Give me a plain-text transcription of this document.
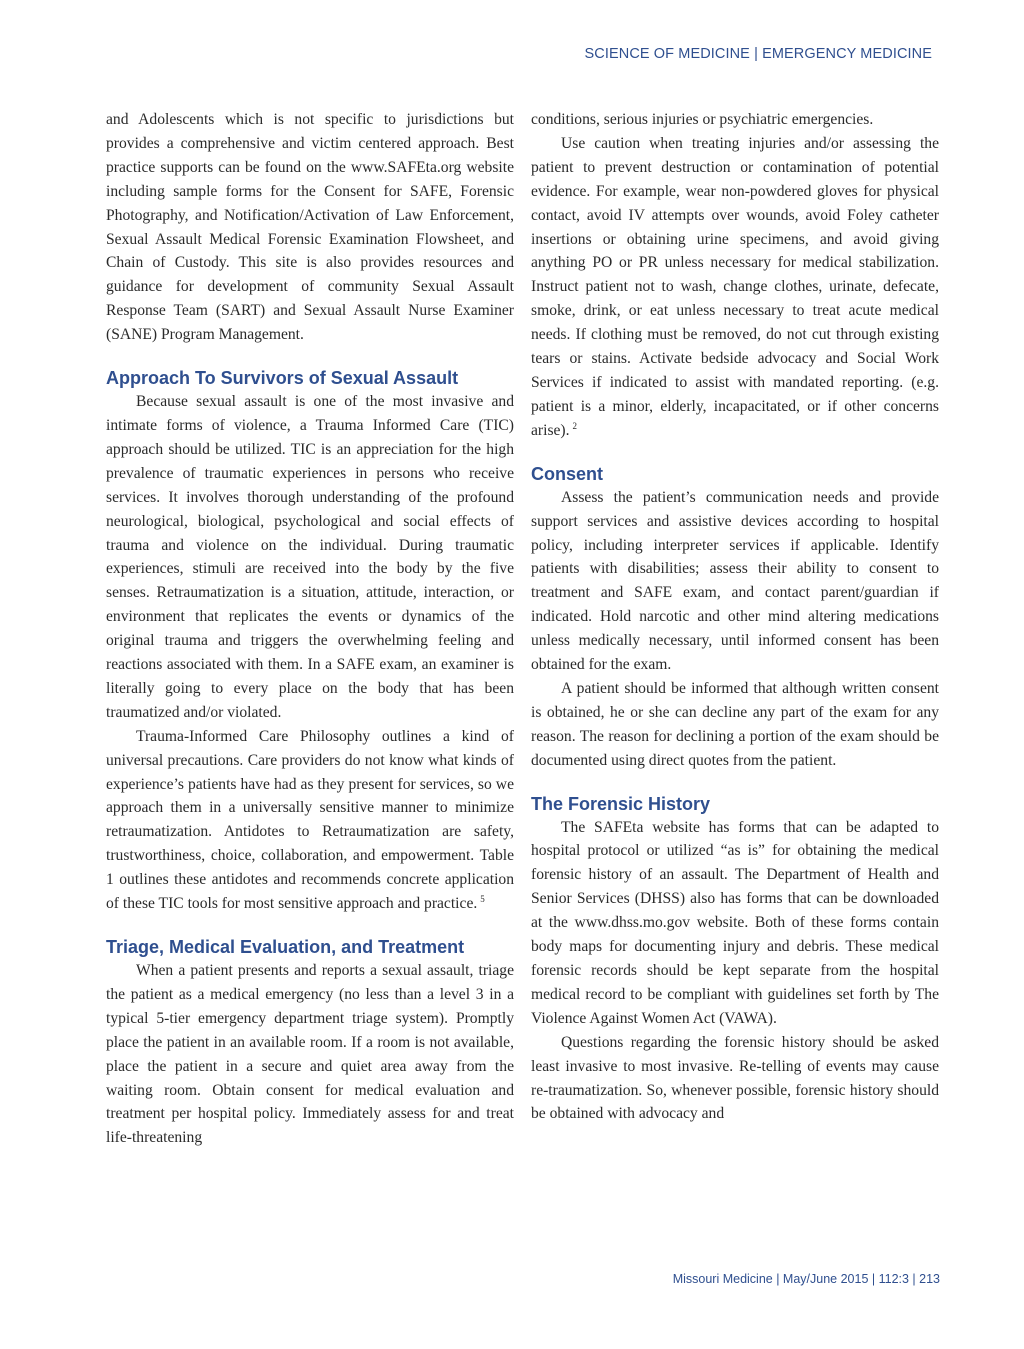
SCIENCE OF MEDICINE | EMERGENCY MEDICINE

and Adolescents which is not specific to jurisdictions but provides a comprehensive and victim centered approach. Best practice supports can be found on the www.SAFEta.org website including sample forms for the Consent for SAFE, Forensic Photography, and Notification/Activation of Law Enforcement, Sexual Assault Medical Forensic Examination Flowsheet, and Chain of Custody. This site is also provides resources and guidance for development of community Sexual Assault Response Team (SART) and Sexual Assault Nurse Examiner (SANE) Program Management.

Approach To Survivors of Sexual Assault

Because sexual assault is one of the most invasive and intimate forms of violence, a Trauma Informed Care (TIC) approach should be utilized. TIC is an appreciation for the high prevalence of traumatic experiences in persons who receive services. It involves thorough understanding of the profound neurological, biological, psychological and social effects of trauma and violence on the individual. During traumatic experiences, stimuli are received into the body by the five senses. Retraumatization is a situation, attitude, interaction, or environment that replicates the events or dynamics of the original trauma and triggers the overwhelming feeling and reactions associated with them. In a SAFE exam, an examiner is literally going to every place on the body that has been traumatized and/or violated.

Trauma-Informed Care Philosophy outlines a kind of universal precautions. Care providers do not know what kinds of experience’s patients have had as they present for services, so we approach them in a universally sensitive manner to minimize retraumatization. Antidotes to Retraumatization are safety, trustworthiness, choice, collaboration, and empowerment. Table 1 outlines these antidotes and recommends concrete application of these TIC tools for most sensitive approach and practice. $^5$

Triage, Medical Evaluation, and Treatment

When a patient presents and reports a sexual assault, triage the patient as a medical emergency (no less than a level 3 in a typical 5-tier emergency department triage system). Promptly place the patient in an available room. If a room is not available, place the patient in a secure and quiet area away from the waiting room. Obtain consent for medical evaluation and treatment per hospital policy. Immediately assess for and treat life-threatening

conditions, serious injuries or psychiatric emergencies.

Use caution when treating injuries and/or assessing the patient to prevent destruction or contamination of potential evidence. For example, wear non-powdered gloves for physical contact, avoid IV attempts over wounds, avoid Foley catheter insertions or obtaining urine specimens, and avoid giving anything PO or PR unless necessary for medical stabilization. Instruct patient not to wash, change clothes, urinate, defecate, smoke, drink, or eat unless necessary to treat acute medical needs. If clothing must be removed, do not cut through existing tears or stains. Activate bedside advocacy and Social Work Services if indicated to assist with mandated reporting. (e.g. patient is a minor, elderly, incapacitated, or if other concerns arise). $^2$

Consent

Assess the patient’s communication needs and provide support services and assistive devices according to hospital policy, including interpreter services if applicable. Identify patients with disabilities; assess their ability to consent to treatment and SAFE exam, and contact parent/guardian if indicated. Hold narcotic and other mind altering medications unless medically necessary, until informed consent has been obtained for the exam.

A patient should be informed that although written consent is obtained, he or she can decline any part of the exam for any reason. The reason for declining a portion of the exam should be documented using direct quotes from the patient.

The Forensic History

The SAFEta website has forms that can be adapted to hospital protocol or utilized “as is” for obtaining the medical forensic history of an assault. The Department of Health and Senior Services (DHSS) also has forms that can be downloaded at the www.dhss.mo.gov website. Both of these forms contain body maps for documenting injury and debris. These medical forensic records should be kept separate from the hospital medical record to be compliant with guidelines set forth by The Violence Against Women Act (VAWA).

Questions regarding the forensic history should be asked least invasive to most invasive. Re-telling of events may cause re-traumatization. So, whenever possible, forensic history should be obtained with advocacy and

Missouri Medicine | May/June 2015 | 112:3 | 213
